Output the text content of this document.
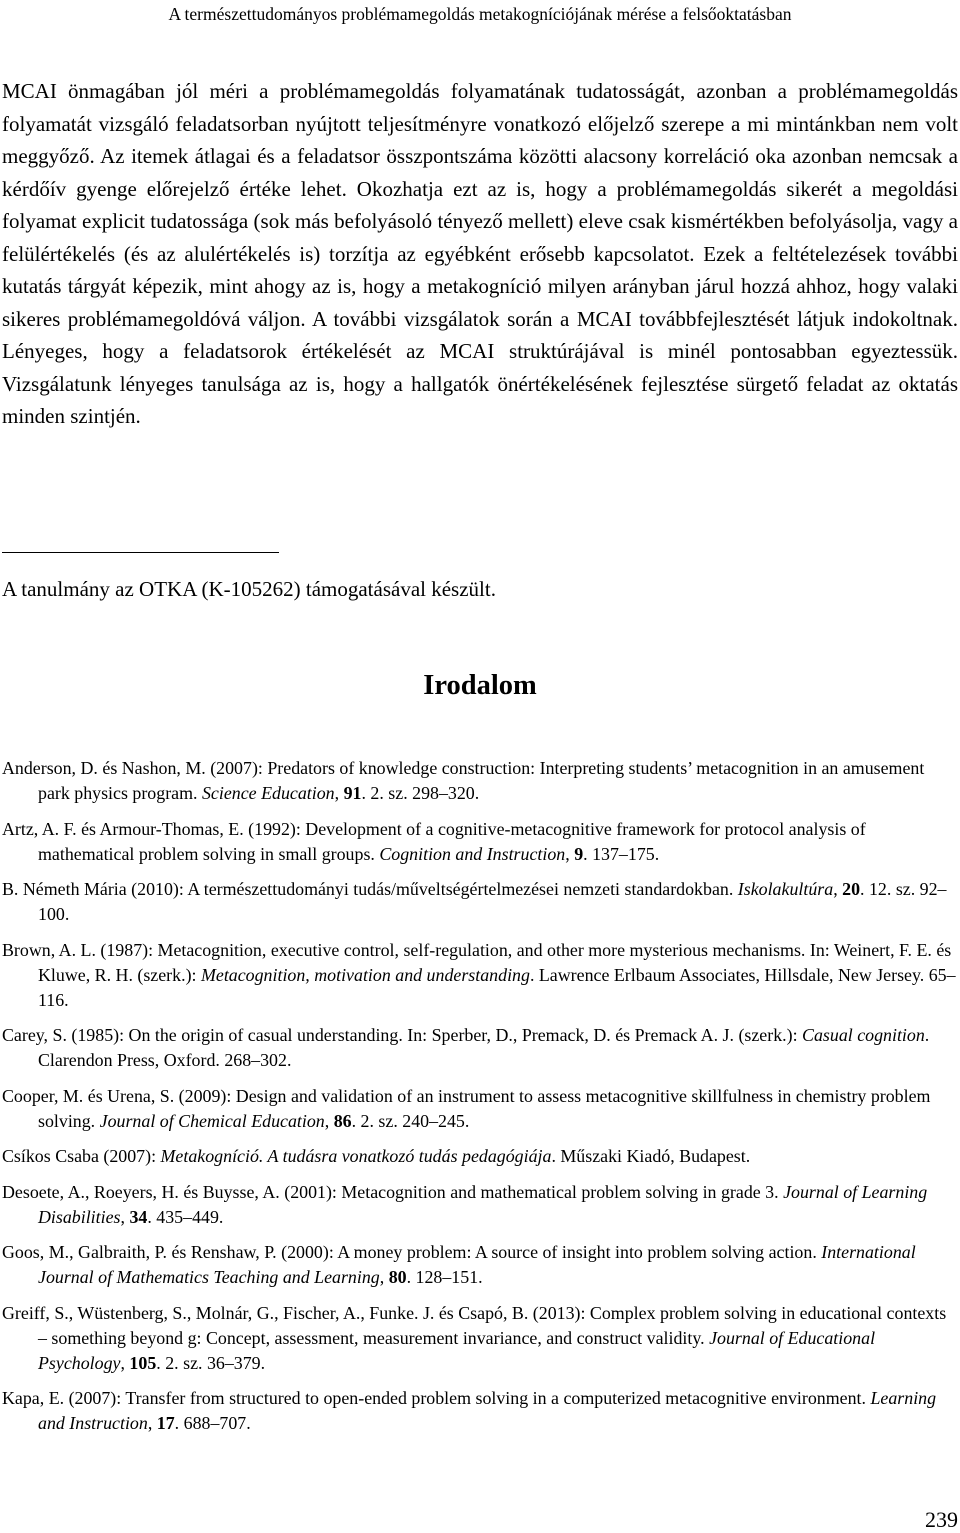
A természettudományos problémamegoldás metakogníciójának mérése a felsőoktatásban

MCAI önmagában jól méri a problémamegoldás folyamatának tudatosságát, azonban a problémamegoldás folyamatát vizsgáló feladatsorban nyújtott teljesítményre vonatkozó előjelző szerepe a mi mintánkban nem volt meggyőző. Az itemek átlagai és a feladatsor összpontszáma közötti alacsony korreláció oka azonban nemcsak a kérdőív gyenge előrejelző értéke lehet. Okozhatja ezt az is, hogy a problémamegoldás sikerét a megoldási folyamat explicit tudatossága (sok más befolyásoló tényező mellett) eleve csak kismértékben befolyásolja, vagy a felülértékelés (és az alulértékelés is) torzítja az egyébként erősebb kapcsolatot. Ezek a feltételezések további kutatás tárgyát képezik, mint ahogy az is, hogy a metakogníció milyen arányban járul hozzá ahhoz, hogy valaki sikeres problémamegoldóvá váljon. A további vizsgálatok során a MCAI továbbfejlesztését látjuk indokoltnak. Lényeges, hogy a feladatsorok értékelését az MCAI struktúrájával is minél pontosabban egyeztessük. Vizsgálatunk lényeges tanulsága az is, hogy a hallgatók önértékelésének fejlesztése sürgető feladat az oktatás minden szintjén.

A tanulmány az OTKA (K-105262) támogatásával készült.

Irodalom
Anderson, D. és Nashon, M. (2007): Predators of knowledge construction: Interpreting students’ metacognition in an amusement park physics program. Science Education, 91. 2. sz. 298–320.
Artz, A. F. és Armour-Thomas, E. (1992): Development of a cognitive-metacognitive framework for protocol analysis of mathematical problem solving in small groups. Cognition and Instruction, 9. 137–175.
B. Németh Mária (2010): A természettudományi tudás/műveltségértelmezései nemzeti standardokban. Iskolakultúra, 20. 12. sz. 92–100.
Brown, A. L. (1987): Metacognition, executive control, self-regulation, and other more mysterious mechanisms. In: Weinert, F. E. és Kluwe, R. H. (szerk.): Metacognition, motivation and understanding. Lawrence Erlbaum Associates, Hillsdale, New Jersey. 65–116.
Carey, S. (1985): On the origin of casual understanding. In: Sperber, D., Premack, D. és Premack A. J. (szerk.): Casual cognition. Clarendon Press, Oxford. 268–302.
Cooper, M. és Urena, S. (2009): Design and validation of an instrument to assess metacognitive skillfulness in chemistry problem solving. Journal of Chemical Education, 86. 2. sz. 240–245.
Csíkos Csaba (2007): Metakogníció. A tudásra vonatkozó tudás pedagógiája. Műszaki Kiadó, Budapest.
Desoete, A., Roeyers, H. és Buysse, A. (2001): Metacognition and mathematical problem solving in grade 3. Journal of Learning Disabilities, 34. 435–449.
Goos, M., Galbraith, P. és Renshaw, P. (2000): A money problem: A source of insight into problem solving action. International Journal of Mathematics Teaching and Learning, 80. 128–151.
Greiff, S., Wüstenberg, S., Molnár, G., Fischer, A., Funke. J. és Csapó, B. (2013): Complex problem solving in educational contexts – something beyond g: Concept, assessment, measurement invariance, and construct validity. Journal of Educational Psychology, 105. 2. sz. 36–379.
Kapa, E. (2007): Transfer from structured to open-ended problem solving in a computerized metacognitive environment. Learning and Instruction, 17. 688–707.
239
